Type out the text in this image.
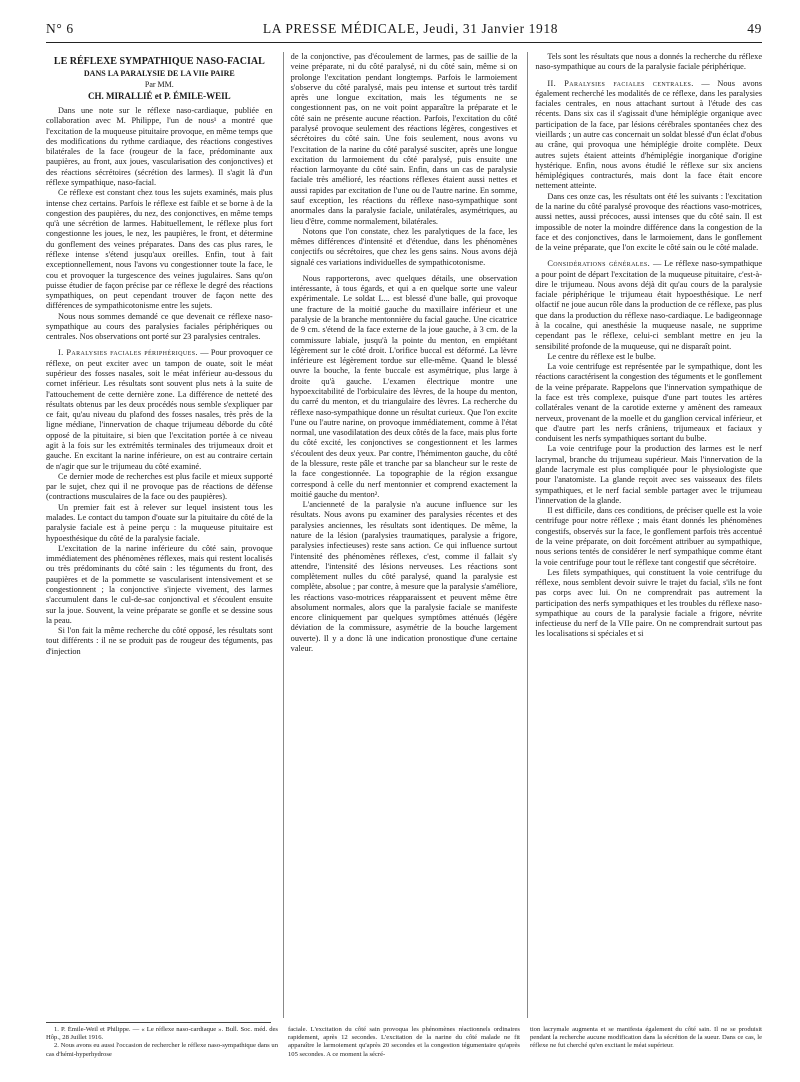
N° 6	LA PRESSE MÉDICALE, Jeudi, 31 Janvier 1918	49
LE RÉFLEXE SYMPATHIQUE NASO-FACIAL
DANS LA PARALYSIE DE LA VIIe PAIRE
Par MM.
CH. MIRALLIÉ et P. ÉMILE-WEIL

Dans une note sur le réflexe naso-cardiaque, publiée en collaboration avec M. Philippe, l'un de nous¹ a montré que l'excitation de la muqueuse pituitaire provoque, en même temps que des modifications du rythme cardiaque, des réactions congestives bilatérales de la face (rougeur de la face, prédominante aux paupières, au front, aux joues, vascularisation des conjonctives) et des réactions sécrétoires (sécrétion des larmes). Il s'agit là d'un réflexe sympathique, naso-facial.

Ce réflexe est constant chez tous les sujets examinés, mais plus intense chez certains. Parfois le réflexe est faible et se borne à de la congestion des paupières, du nez, des conjonctives, en même temps qu'à une sécrétion de larmes. Habituellement, le réflexe plus fort congestionne les joues, le nez, les paupières, le front, et détermine du gonflement des veines préparates. Dans des cas plus rares, le réflexe intense s'étend jusqu'aux oreilles. Enfin, tout à fait exceptionnellement, nous l'avons vu congestionner toute la face, le cou et provoquer la turgescence des veines jugulaires. Sans qu'on puisse étudier de façon précise par ce réflexe le degré des réactions sympathiques, on peut cependant trouver de façon nette des différences de sympathicotonisme entre les sujets.

Nous nous sommes demandé ce que devenait ce réflexe naso-sympathique au cours des paralysies faciales périphériques ou centrales. Nos observations ont porté sur 23 paralysies centrales.

I. Paralysies faciales périphériques. — Pour provoquer ce réflexe, on peut exciter avec un tampon de ouate, soit le méat supérieur des fosses nasales, soit le méat inférieur au-dessous du cornet inférieur. Les résultats sont souvent plus nets à la suite de l'attouchement de cette dernière zone. La différence de netteté des résultats obtenus par les deux procédés nous semble s'expliquer par ce fait, qu'au niveau du plafond des fosses nasales, très près de la ligne médiane, l'innervation de chaque trijumeau déborde du côté opposé de la pituitaire, si bien que l'excitation portée à ce niveau agit à la fois sur les extrémités terminales des trijumeaux droit et gauche. En excitant la narine inférieure, on est au contraire certain de n'agir que sur le trijumeau du côté examiné.

Ce dernier mode de recherches est plus facile et mieux supporté par le sujet, chez qui il ne provoque pas de réactions de défense (contractions musculaires de la face ou des paupières).

Un premier fait est à relever sur lequel insistent tous les malades. Le contact du tampon d'ouate sur la pituitaire du côté de la paralysie faciale est à peine perçu : la muqueuse pituitaire est hypoesthésique du côté de la paralysie faciale.

L'excitation de la narine inférieure du côté sain, provoque immédiatement des phénomènes réflexes, mais qui restent localisés ou très prédominants du côté sain : les téguments du front, des paupières et de la pommette se vascularisent intensivement et se congestionnent ; la conjonctive s'injecte vivement, des larmes s'accumulent dans le cul-de-sac conjonctival et s'écoulent ensuite sur la joue. Souvent, la veine préparate se gonfle et se dessine sous la peau.

Si l'on fait la même recherche du côté opposé, les résultats sont tout différents : il ne se produit pas de rougeur des téguments, pas d'injection

de la conjonctive, pas d'écoulement de larmes, pas de saillie de la veine préparate, ni du côté paralysé, ni du côté sain, même si on prolonge l'excitation pendant longtemps. Parfois le larmoiement s'observe du côté paralysé, mais peu intense et surtout très tardif après une longue excitation, mais les téguments ne se congestionnent pas, on ne voit point apparaître la préparate et le côté sain ne présente aucune réaction. Parfois, l'excitation du côté paralysé provoque seulement des réactions légères, congestives et sécrétoires du côté sain. Une fois seulement, nous avons vu l'excitation de la narine du côté paralysé susciter, après une longue excitation du larmoiement du côté paralysé, puis ensuite une réaction larmoyante du côté sain. Enfin, dans un cas de paralysie faciale très amélioré, les réactions réflexes étaient aussi nettes et aussi rapides par excitation de l'une ou de l'autre narine. En somme, sauf exception, les réactions du réflexe naso-sympathique sont anormales dans la paralysie faciale, unilatérales, asymétriques, au lieu d'être, comme normalement, bilatérales.

Notons que l'on constate, chez les paralytiques de la face, les mêmes différences d'intensité et d'étendue, dans les phénomènes conjectifs ou sécrétoires, que chez les gens sains. Nous avons déjà signalé ces variations individuelles de sympathicotonisme.

Nous rapporterons, avec quelques détails, une observation intéressante, à tous égards, et qui a en quelque sorte une valeur expérimentale. Le soldat L... est blessé d'une balle, qui provoque une fracture de la moitié gauche du maxillaire inférieur et une paralysie de la branche mentonnière du facial gauche. Une cicatrice de 9 cm. s'étend de la face externe de la joue gauche, à 3 cm. de la commissure labiale, jusqu'à la pointe du menton, en empiétant légèrement sur le côté droit. L'orifice buccal est déformé. La lèvre inférieure est légèrement tordue sur elle-même. Quand le blessé ouvre la bouche, la fente buccale est asymétrique, plus large à droite qu'à gauche. L'examen électrique montre une hypoexcitabilité de l'orbiculaire des lèvres, de la houpe du menton, du carré du menton, et du triangulaire des lèvres. La recherche du réflexe naso-sympathique donne un résultat curieux. Que l'on excite l'une ou l'autre narine, on provoque immédiatement, comme à l'état normal, une vasodilatation des deux côtés de la face, mais plus forte du côté excité, les conjonctives se congestionnent et les larmes s'écoulent des deux yeux. Par contre, l'hémimenton gauche, du côté de la blessure, reste pâle et tranche par sa blancheur sur le reste de la face congestionnée. La topographie de la région exsangue correspond à celle du nerf mentonnier et comprend exactement la moitié gauche du menton².

L'ancienneté de la paralysie n'a aucune influence sur les résultats. Nous avons pu examiner des paralysies récentes et des paralysies anciennes, les résultats sont identiques. De même, la nature de la lésion (paralysies traumatiques, paralysie a frigore, paralysies infectieuses) reste sans action. Ce qui influence surtout l'intensité des phénomènes réflexes, c'est, comme il fallait s'y attendre, l'intensité des lésions nerveuses. Les réactions sont complètement nulles du côté paralysé, quand la paralysie est complète, absolue ; par contre, à mesure que la paralysie s'améliore, les réactions vaso-motrices réapparaissent et peuvent même être absolument normales, alors que la paralysie faciale se manifeste encore cliniquement par quelques symptômes atténués (légère déviation de la commissure, asymétrie de la bouche largement ouverte). Il y a donc là une indication pronostique d'une certaine valeur.

Tels sont les résultats que nous a donnés la recherche du réflexe naso-sympathique au cours de la paralysie faciale périphérique.

II. Paralysies faciales centrales. — Nous avons également recherché les modalités de ce réflexe, dans les paralysies faciales centrales, en nous attachant surtout à l'étude des cas récents. Dans six cas il s'agissait d'une hémiplégie organique avec participation de la face, par lésions cérébrales spontanées chez des vieillards ; un autre cas concernait un soldat blessé d'un éclat d'obus au crâne, qui provoqua une hémiplégie droite complète. Deux autres sujets étaient atteints d'hémiplégie inorganique d'origine hystérique. Enfin, nous avons étudié le réflexe sur six anciens hémiplégiques contracturés, mais dont la face était encore nettement atteinte.

Dans ces onze cas, les résultats ont été les suivants : l'excitation de la narine du côté paralysé provoque des réactions vaso-motrices, aussi nettes, aussi précoces, aussi intenses que du côté sain. Il est impossible de noter la moindre différence dans la congestion de la face et des conjonctives, dans le larmoiement, dans le gonflement de la veine préparate, que l'on excite le côté sain ou le côté malade.

Considérations générales. — Le réflexe naso-sympathique a pour point de départ l'excitation de la muqueuse pituitaire, c'est-à-dire le trijumeau. Nous avons déjà dit qu'au cours de la paralysie faciale périphérique le trijumeau était hypoesthésique. Le nerf olfactif ne joue aucun rôle dans la production de ce réflexe, pas plus que dans la production du réflexe naso-cardiaque. Le badigeonnage à la cocaïne, qui anesthésie la muqueuse nasale, ne supprime cependant pas le réflexe, celui-ci semblant mettre en jeu la sensibilité profonde de la muqueuse, qui ne disparaît point.

Le centre du réflexe est le bulbe.

La voie centrifuge est représentée par le sympathique, dont les réactions caractérisent la congestion des téguments et le gonflement de la veine préparate. Rappelons que l'innervation sympathique de la face est très complexe, puisque d'une part toutes les artères collatérales venant de la carotide externe y amènent des rameaux nerveux, provenant de la moelle et du ganglion cervical inférieur, et que d'autre part les nerfs crâniens, trijumeaux et faciaux y conduisent les nerfs sympathiques sortant du bulbe.

La voie centrifuge pour la production des larmes est le nerf lacrymal, branche du trijumeau supérieur. Mais l'innervation de la glande lacrymale est plus compliquée pour le physiologiste que pour l'anatomiste. La glande reçoit avec ses vaisseaux des filets sympathiques, et le nerf facial semble partager avec le trijumeau l'innervation de la glande.

Il est difficile, dans ces conditions, de préciser quelle est la voie centrifuge pour notre réflexe ; mais étant donnés les phénomènes congestifs, observés sur la face, le gonflement parfois très accentué de la veine préparate, on doit forcément attribuer au sympathique, nous serions tentés de considérer le nerf sympathique comme étant la voie centrifuge pour tout le réflexe tant congestif que sécrétoire.

Les filets sympathiques, qui constituent la voie centrifuge du réflexe, nous semblent devoir suivre le trajet du facial, s'ils ne font pas corps avec lui. On ne comprendrait pas autrement la participation des nerfs sympathiques et les troubles du réflexe naso-sympathique au cours de la paralysie faciale a frigore, névrite infectieuse du nerf de la VIIe paire. On ne comprendrait surtout pas les localisations si spéciales et si

1. P. Émile-Weil et Philippe. — « Le réflexe naso-cardiaque ». Bull. Soc. méd. des Hôp., 28 Juillet 1916.

2. Nous avons eu aussi l'occasion de rechercher le réflexe naso-sympathique dans un cas d'hémi-hyperhydrose

faciale. L'excitation du côté sain provoqua les phénomènes réactionnels ordinaires rapidement, après 12 secondes. L'excitation de la narine du côté malade ne fit apparaître le larmoiement qu'après 20 secondes et la congestion tégumentaire qu'après 105 secondes. A ce moment la sécré-

tion lacrymale augmenta et se manifesta également du côté sain. Il ne se produisit pendant la recherche aucune modification dans la sécrétion de la sueur. Dans ce cas, le réflexe ne fut cherché qu'en excitant le méat supérieur.
